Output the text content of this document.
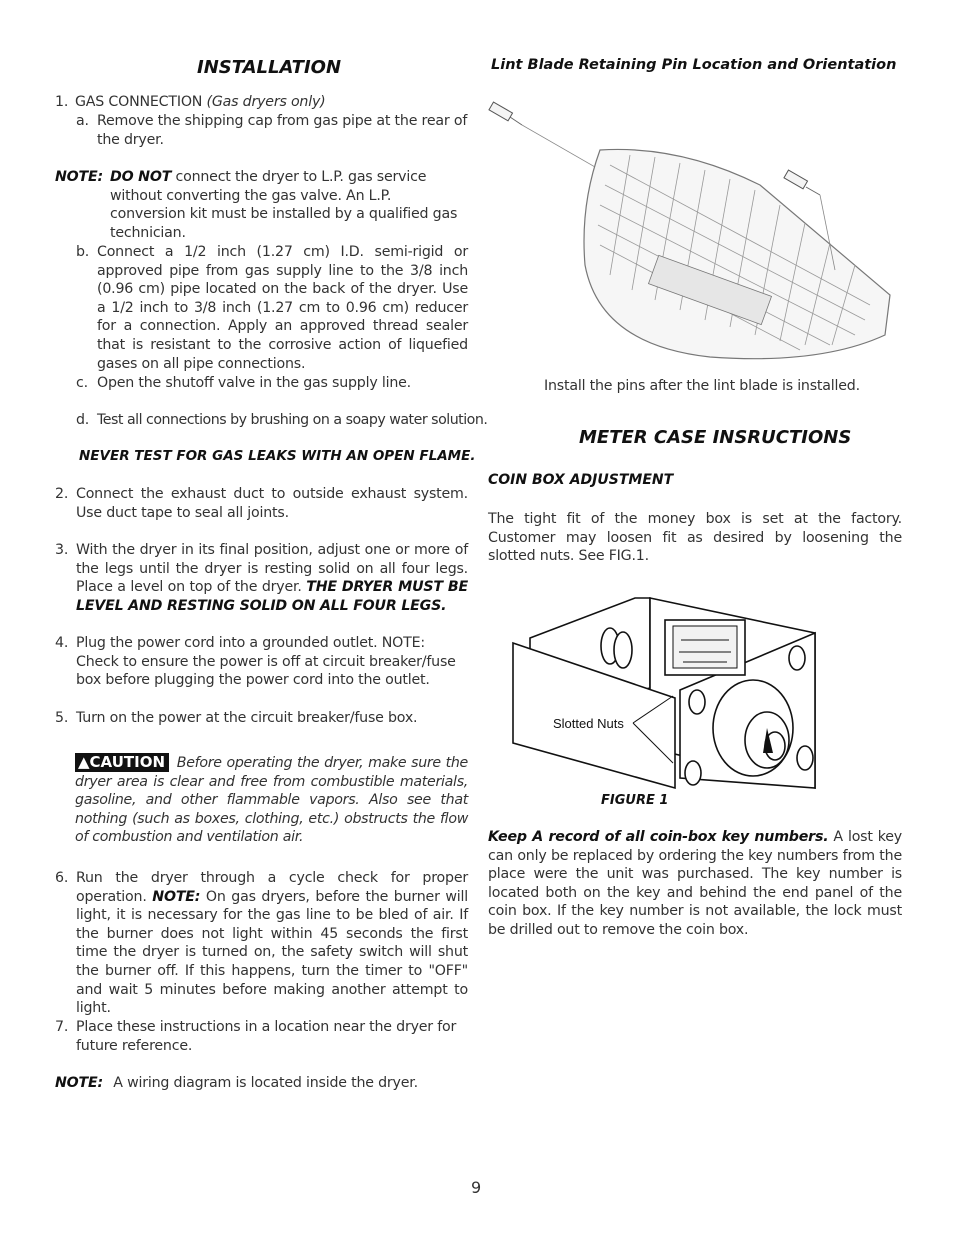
INSTALLATION
1. GAS CONNECTION (Gas dryers only)
a. Remove the shipping cap from gas pipe at the rear of the dryer.
NOTE: DO NOT connect the dryer to L.P. gas service without converting the gas valve. An L.P. conversion kit must be installed by a qualified gas technician.
b. Connect a 1/2 inch (1.27 cm) I.D. semi-rigid or approved pipe from gas supply line to the 3/8 inch (0.96 cm) pipe located on the back of the dryer. Use a 1/2 inch to 3/8 inch (1.27 cm to 0.96 cm) reducer for a connection. Apply an approved thread sealer that is resistant to the corrosive action of liquefied gases on all pipe connections.
c. Open the shutoff valve in the gas supply line.
d. Test all connections by brushing on a soapy water solution.
NEVER TEST FOR GAS LEAKS WITH AN OPEN FLAME.
2. Connect the exhaust duct to outside exhaust system. Use duct tape to seal all joints.
3. With the dryer in its final position, adjust one or more of the legs until the dryer is resting solid on all four legs. Place a level on top of the dryer. THE DRYER MUST BE LEVEL AND RESTING SOLID ON ALL FOUR LEGS.
4. Plug the power cord into a grounded outlet. NOTE: Check to ensure the power is off at circuit breaker/fuse box before plugging the power cord into the outlet.
5. Turn on the power at the circuit breaker/fuse box.
▲CAUTION Before operating the dryer, make sure the dryer area is clear and free from combustible materials, gasoline, and other flammable vapors. Also see that nothing (such as boxes, clothing, etc.) obstructs the flow of combustion and ventilation air.
6. Run the dryer through a cycle check for proper operation. NOTE: On gas dryers, before the burner will light, it is necessary for the gas line to be bled of air. If the burner does not light within 45 seconds the first time the dryer is turned on, the safety switch will shut the burner off. If this happens, turn the timer to "OFF" and wait 5 minutes before making another attempt to light.
7. Place these instructions in a location near the dryer for future reference.
NOTE: A wiring diagram is located inside the dryer.
Lint Blade Retaining Pin Location and Orientation
Install the pins after the lint blade is installed.
METER CASE INSRUCTIONS
COIN BOX ADJUSTMENT
The tight fit of the money box is set at the factory. Customer may loosen fit as desired by loosening the slotted nuts. See FIG.1.
Slotted Nuts
FIGURE 1
Keep A record of all coin-box key numbers. A lost key can only be replaced by ordering the key numbers from the place were the unit was purchased. The key number is located both on the key and behind the end panel of the coin box. If the key number is not available, the lock must be drilled out to remove the coin box.
9
